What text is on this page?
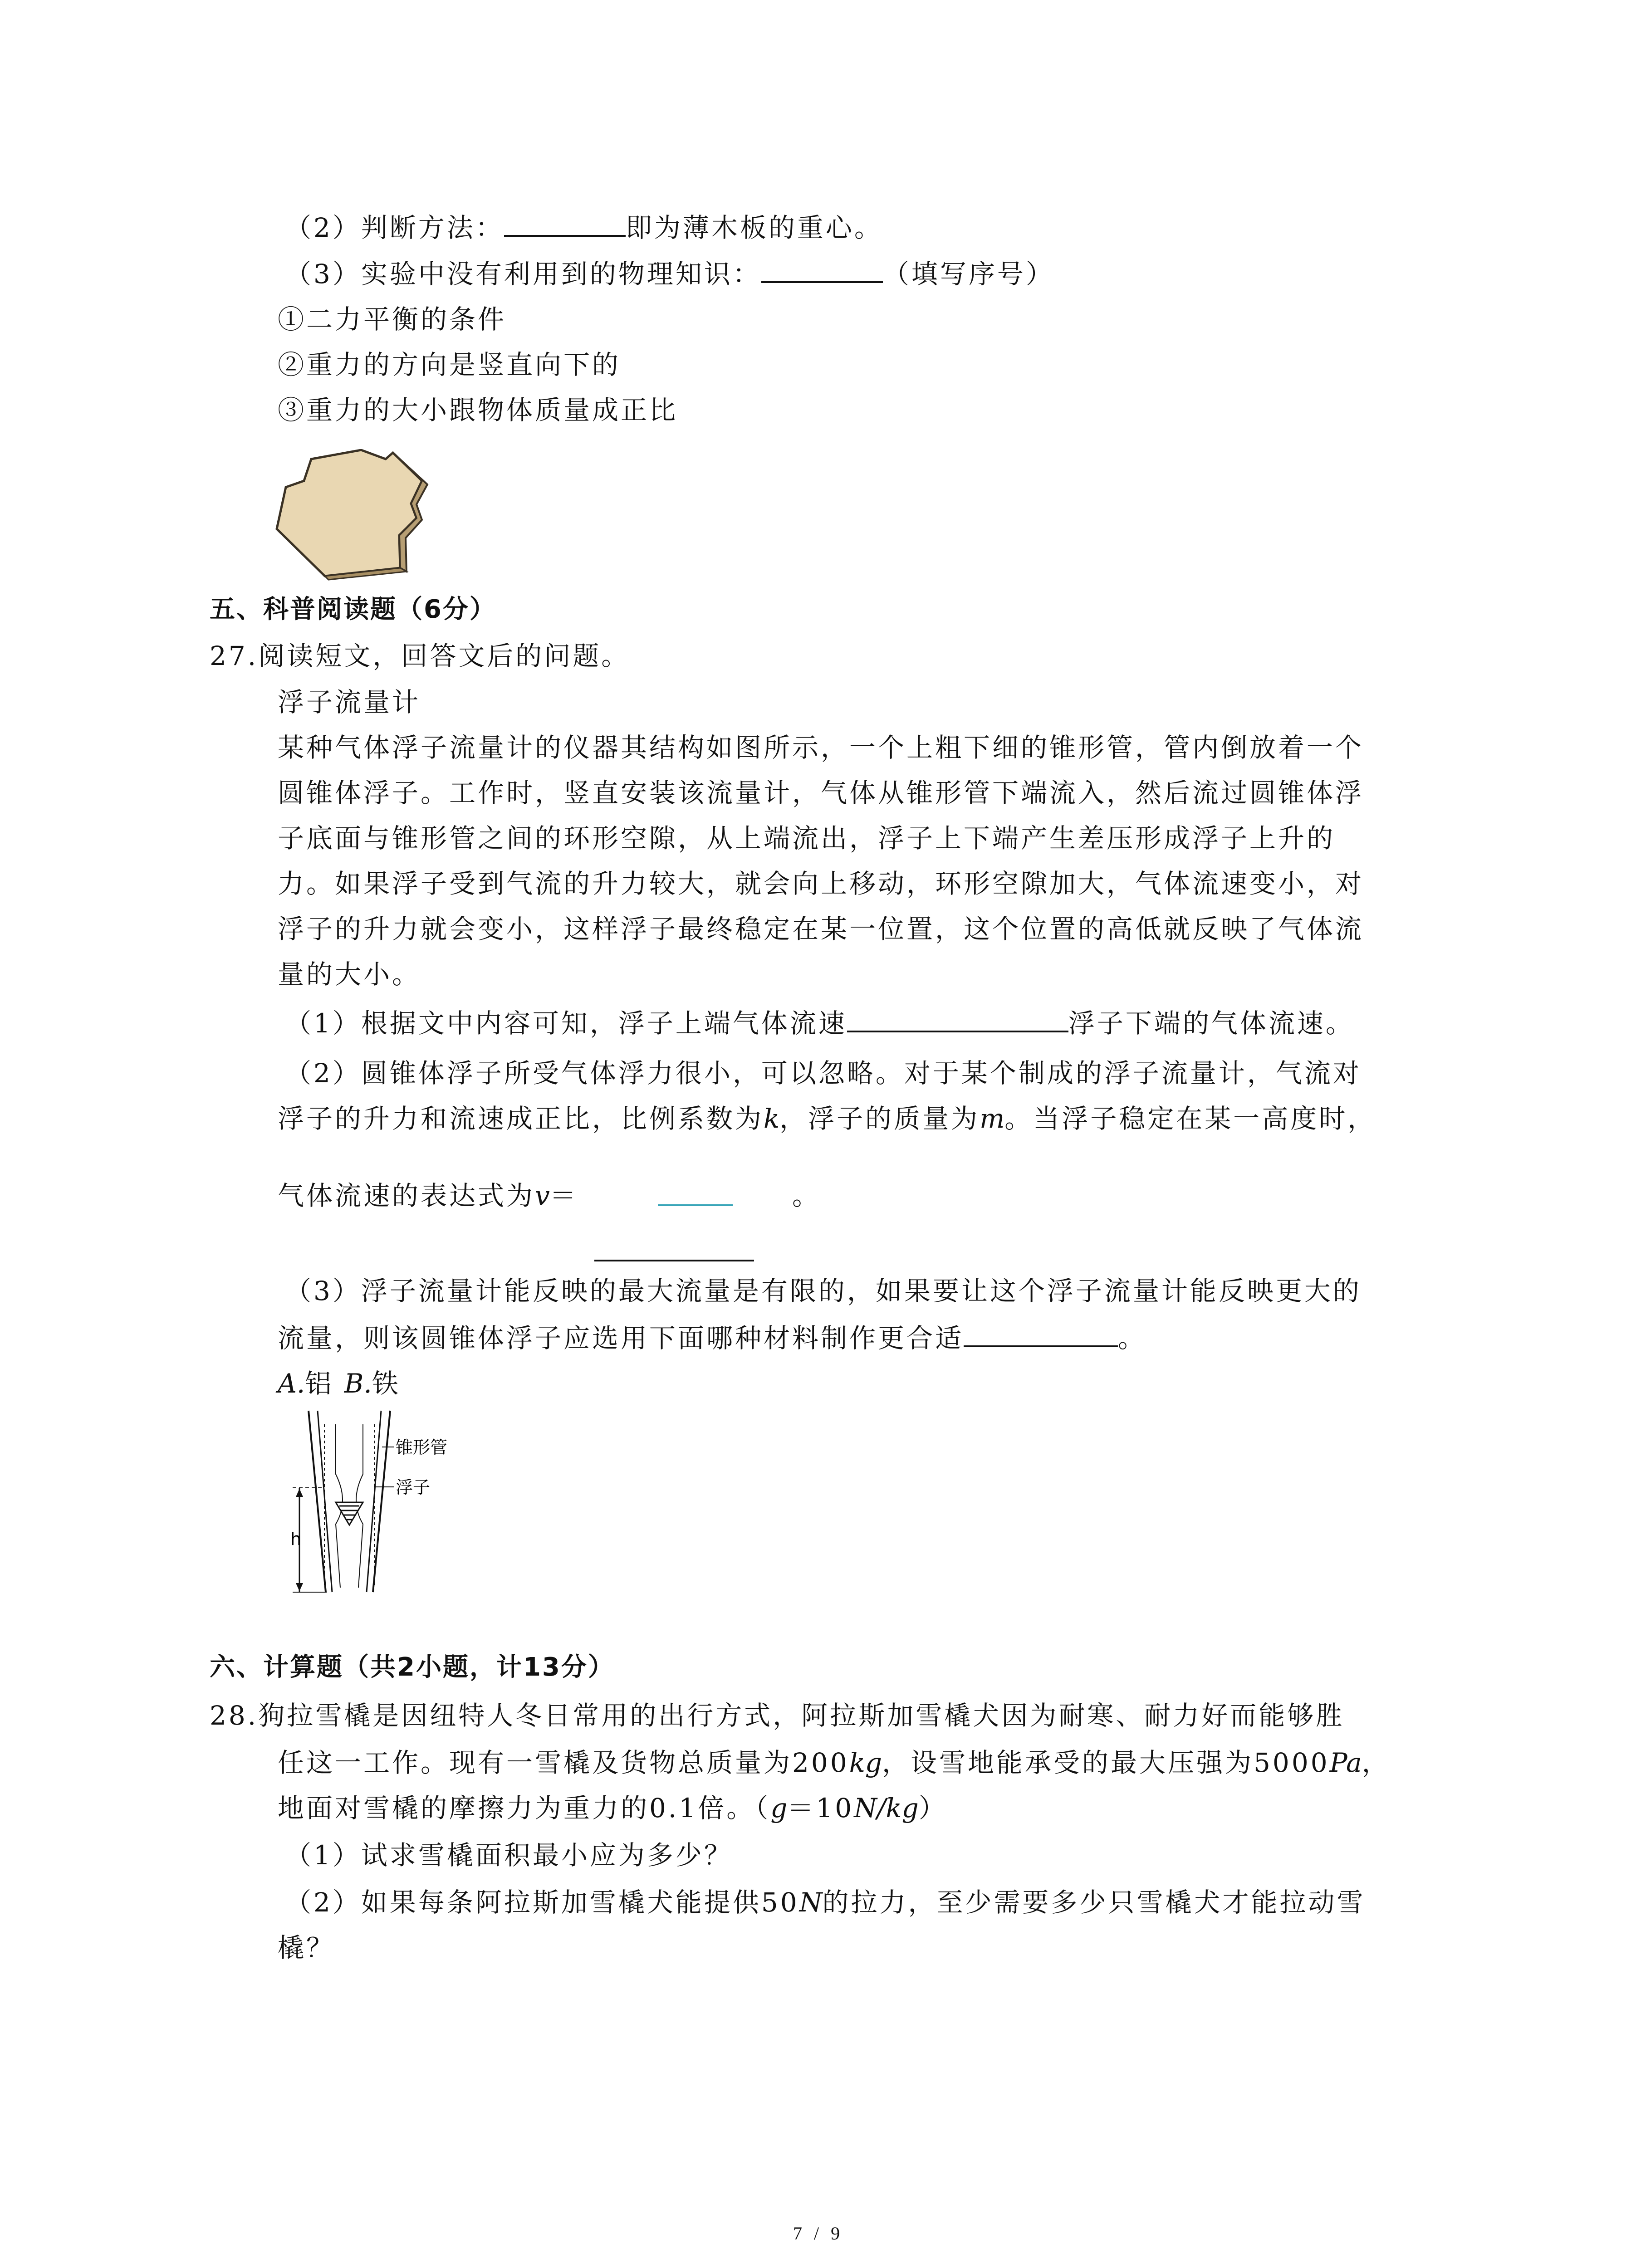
（2）判断方法：	即为薄木板的重心。
（3）实验中没有利用到的物理知识：	（填写序号）
①二力平衡的条件
②重力的方向是竖直向下的
③重力的大小跟物体质量成正比
五、科普阅读题（6分）
27.阅读短文，回答文后的问题。
浮子流量计
某种气体浮子流量计的仪器其结构如图所示，一个上粗下细的锥形管，管内倒放着一个
圆锥体浮子。工作时，竖直安装该流量计，气体从锥形管下端流入，然后流过圆锥体浮
子底面与锥形管之间的环形空隙，从上端流出，浮子上下端产生差压形成浮子上升的
力。如果浮子受到气流的升力较大，就会向上移动，环形空隙加大，气体流速变小，对
浮子的升力就会变小，这样浮子最终稳定在某一位置，这个位置的高低就反映了气体流
量的大小。
（1）根据文中内容可知，浮子上端气体流速	浮子下端的气体流速。
（2）圆锥体浮子所受气体浮力很小，可以忽略。对于某个制成的浮子流量计，气流对
浮子的升力和流速成正比，比例系数为k，浮子的质量为m。当浮子稳定在某一高度时，
气体流速的表达式为v＝	。
（3）浮子流量计能反映的最大流量是有限的，如果要让这个浮子流量计能反映更大的
流量，则该圆锥体浮子应选用下面哪种材料制作更合适	。
A.铝 B.铁
锥形管
浮子
h
六、计算题（共2小题，计13分）
28.狗拉雪橇是因纽特人冬日常用的出行方式，阿拉斯加雪橇犬因为耐寒、耐力好而能够胜
任这一工作。现有一雪橇及货物总质量为200kg，设雪地能承受的最大压强为5000Pa，
地面对雪橇的摩擦力为重力的0.1倍。（g＝10N/kg）
（1）试求雪橇面积最小应为多少？
（2）如果每条阿拉斯加雪橇犬能提供50N的拉力，至少需要多少只雪橇犬才能拉动雪
橇？
7 / 9
